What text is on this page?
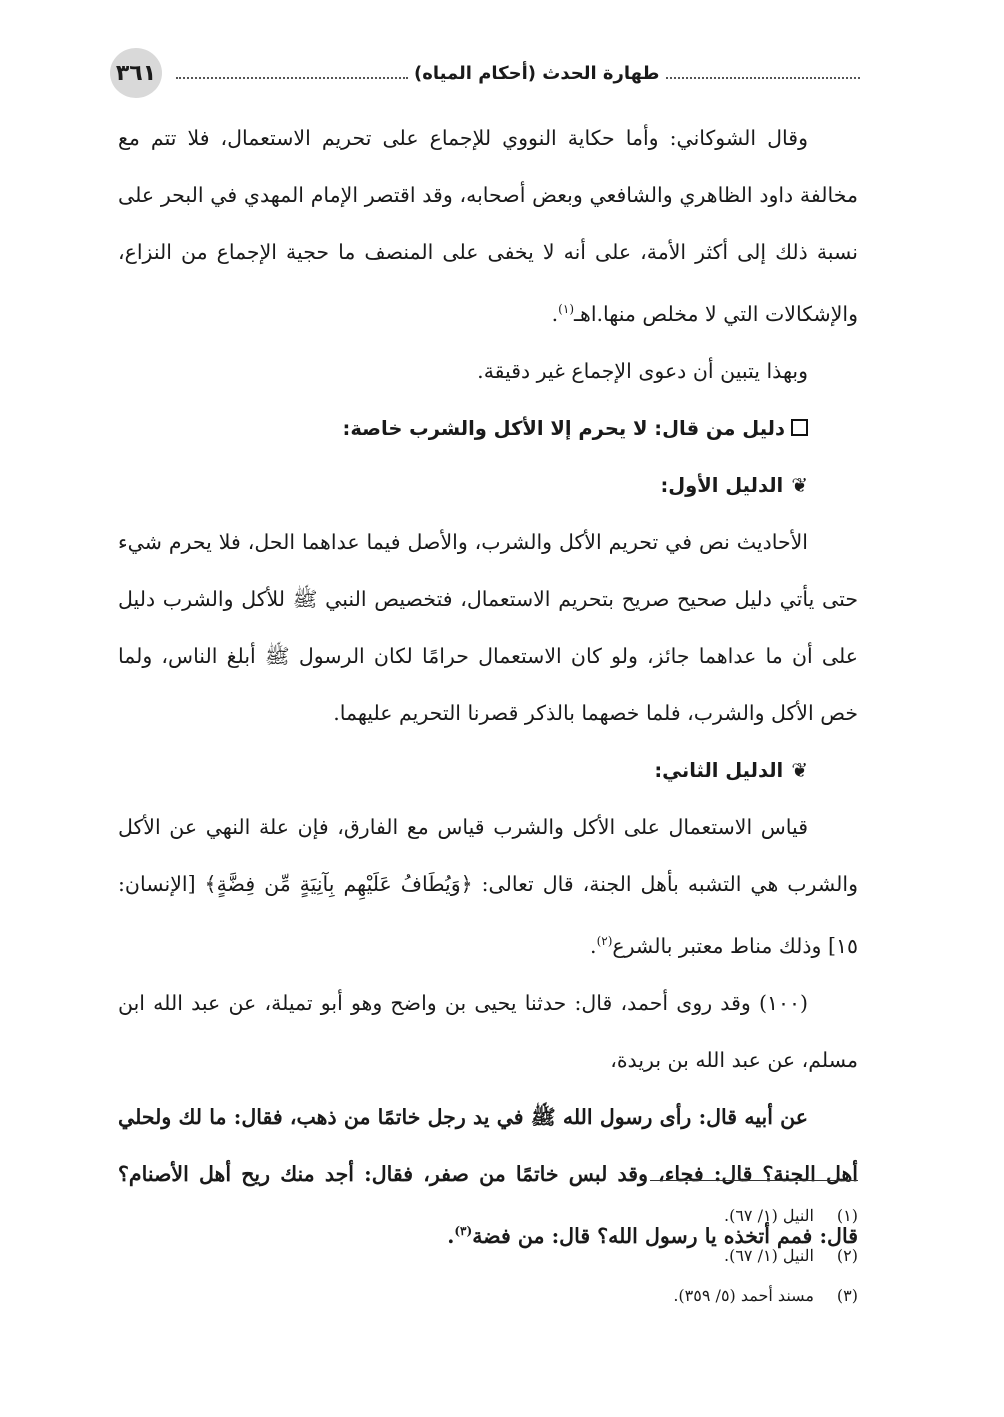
٣٦١	طهارة الحدث (أحكام المياه)

وقال الشوكاني: وأما حكاية النووي للإجماع على تحريم الاستعمال، فلا تتم مع مخالفة داود الظاهري والشافعي وبعض أصحابه، وقد اقتصر الإمام المهدي في البحر على نسبة ذلك إلى أكثر الأمة، على أنه لا يخفى على المنصف ما حجية الإجماع من النزاع، والإشكالات التي لا مخلص منها.اهـ$^{(١)}$.

وبهذا يتبين أن دعوى الإجماع غير دقيقة.

دليل من قال: لا يحرم إلا الأكل والشرب خاصة:

❦الدليل الأول:

الأحاديث نص في تحريم الأكل والشرب، والأصل فيما عداهما الحل، فلا يحرم شيء حتى يأتي دليل صحيح صريح بتحريم الاستعمال، فتخصيص النبي ﷺ للأكل والشرب دليل على أن ما عداهما جائز، ولو كان الاستعمال حرامًا لكان الرسول ﷺ أبلغ الناس، ولما خص الأكل والشرب، فلما خصهما بالذكر قصرنا التحريم عليهما.

❦الدليل الثاني:

قياس الاستعمال على الأكل والشرب قياس مع الفارق، فإن علة النهي عن الأكل والشرب هي التشبه بأهل الجنة، قال تعالى: ﴿وَيُطَافُ عَلَيْهِم بِآنِيَةٍ مِّن فِضَّةٍ﴾ [الإنسان: ١٥] وذلك مناط معتبر بالشرع$^{(٢)}$.

(١٠٠) وقد روى أحمد، قال: حدثنا يحيى بن واضح وهو أبو تميلة، عن عبد الله ابن مسلم، عن عبد الله بن بريدة،

عن أبيه قال: رأى رسول الله ﷺ في يد رجل خاتمًا من ذهب، فقال: ما لك ولحلي أهل الجنة؟ قال: فجاء، وقد لبس خاتمًا من صفر، فقال: أجد منك ريح أهل الأصنام؟ قال: فمم أتخذه يا رسول الله؟ قال: من فضة$^{(٣)}$.

(١)النيل (١/ ٦٧).

(٢)النيل (١/ ٦٧).

(٣)مسند أحمد (٥/ ٣٥٩).
